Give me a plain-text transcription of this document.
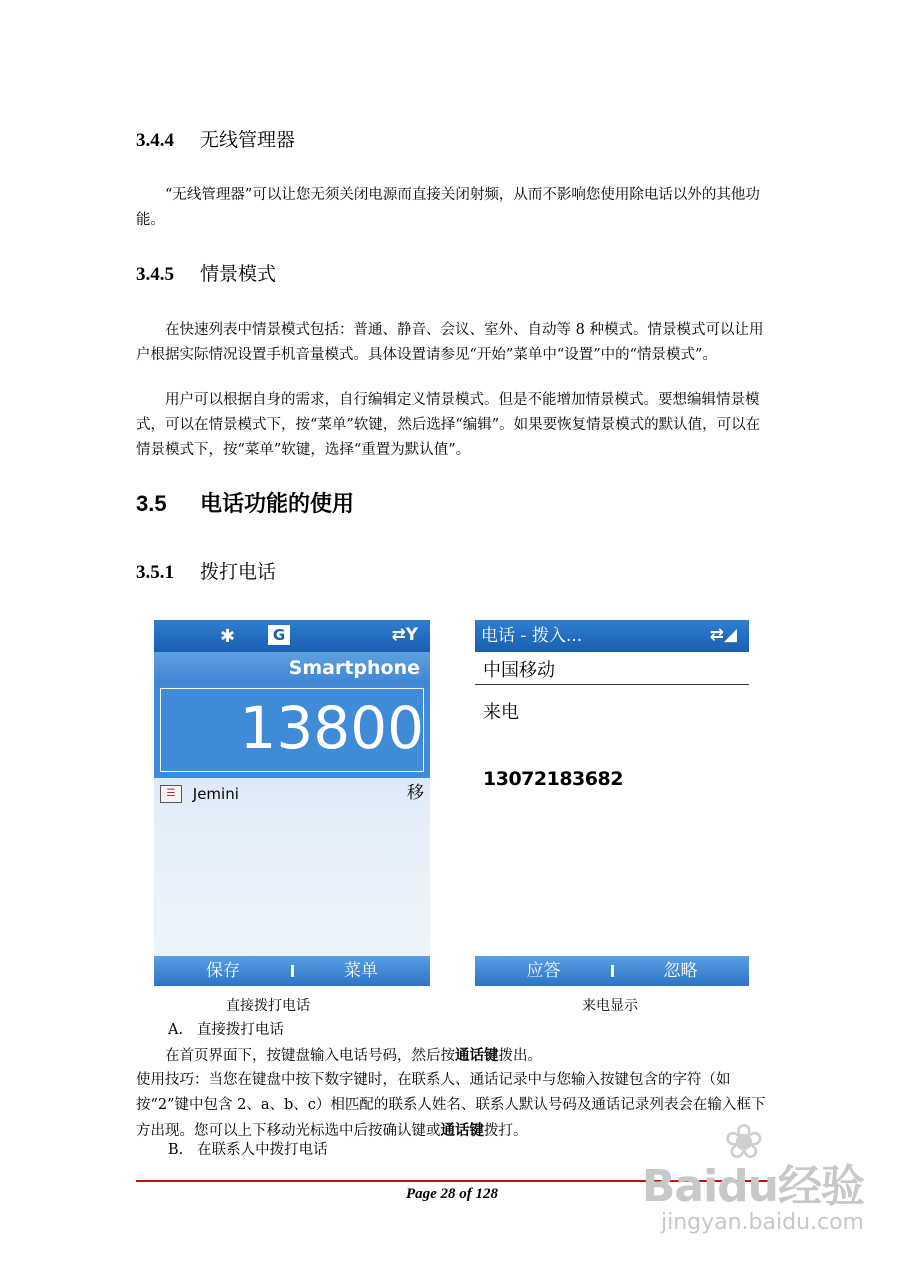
3.4.4 无线管理器

“无线管理器”可以让您无须关闭电源而直接关闭射频，从而不影响您使用除电话以外的其他功能。

3.4.5 情景模式

在快速列表中情景模式包括：普通、静音、会议、室外、自动等 8 种模式。情景模式可以让用户根据实际情况设置手机音量模式。具体设置请参见“开始”菜单中“设置”中的“情景模式”。

用户可以根据自身的需求，自行编辑定义情景模式。但是不能增加情景模式。要想编辑情景模式，可以在情景模式下，按“菜单”软键，然后选择“编辑”。如果要恢复情景模式的默认值，可以在情景模式下，按“菜单”软键，选择“重置为默认值”。

3.5 电话功能的使用
3.5.1 拨打电话
✱	G	⇄Y
Smartphone
13800
☰ Jemini	移
保存	菜单
电话 - 拨入...	⇄◢
中国移动
来电
13072183682
应答	忽略
直接拨打电话	来电显示
A. 直接拨打电话
在首页界面下，按键盘输入电话号码，然后按通话键拨出。
使用技巧：当您在键盘中按下数字键时，在联系人、通话记录中与您输入按键包含的字符（如按“2”键中包含 2、a、b、c）相匹配的联系人姓名、联系人默认号码及通话记录列表会在输入框下方出现。您可以上下移动光标选中后按确认键或通话键拨打。
B. 在联系人中拨打电话
Page 28 of 128
❀
Baidu经验
jingyan.baidu.com
